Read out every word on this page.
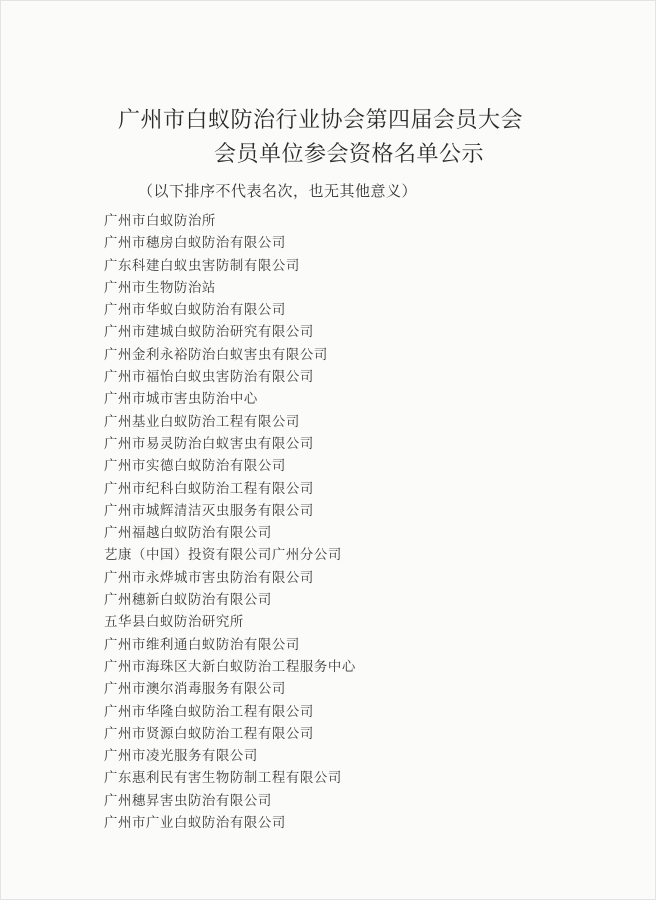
广州市白蚁防治行业协会第四届会员大会
会员单位参会资格名单公示

（以下排序不代表名次，也无其他意义）

广州市白蚁防治所
广州市穗房白蚁防治有限公司
广东科建白蚁虫害防制有限公司
广州市生物防治站
广州市华蚁白蚁防治有限公司
广州市建城白蚁防治研究有限公司
广州金利永裕防治白蚁害虫有限公司
广州市福怡白蚁虫害防治有限公司
广州市城市害虫防治中心
广州基业白蚁防治工程有限公司
广州市易灵防治白蚁害虫有限公司
广州市实德白蚁防治有限公司
广州市纪科白蚁防治工程有限公司
广州市城辉清洁灭虫服务有限公司
广州福越白蚁防治有限公司
艺康（中国）投资有限公司广州分公司
广州市永烨城市害虫防治有限公司
广州穗新白蚁防治有限公司
五华县白蚁防治研究所
广州市维利通白蚁防治有限公司
广州市海珠区大新白蚁防治工程服务中心
广州市澳尔消毒服务有限公司
广州市华隆白蚁防治工程有限公司
广州市贤源白蚁防治工程有限公司
广州市凌光服务有限公司
广东惠利民有害生物防制工程有限公司
广州穗昇害虫防治有限公司
广州市广业白蚁防治有限公司
